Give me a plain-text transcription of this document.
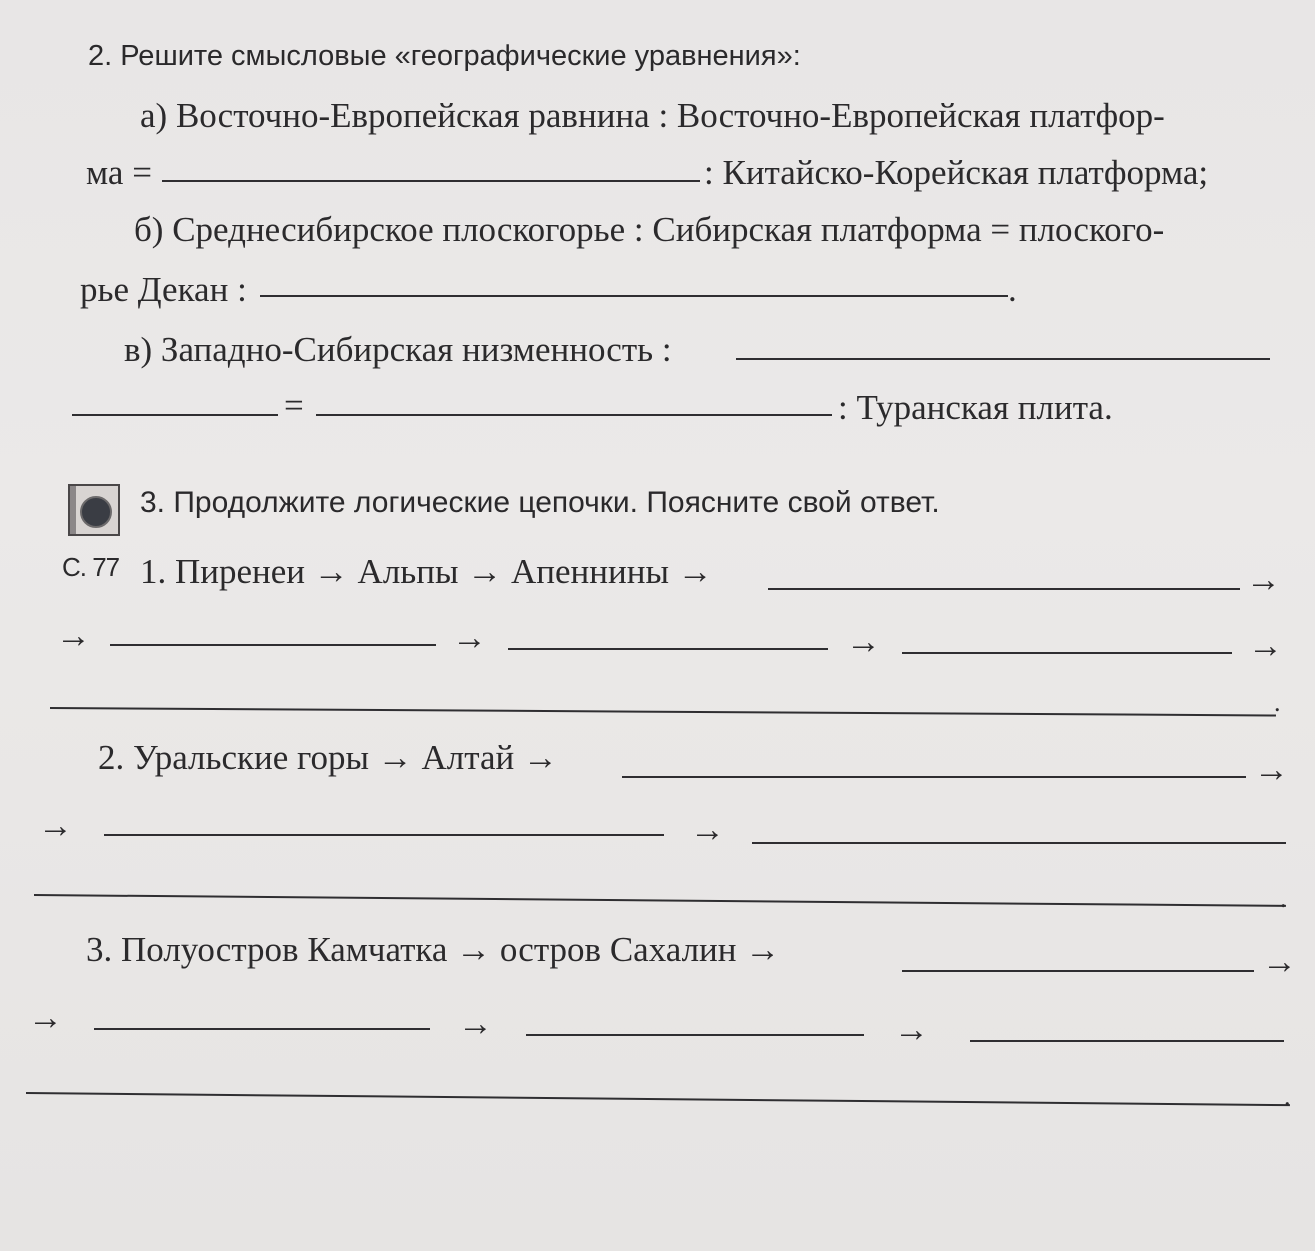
2. Решите смысловые «географические уравнения»:
а) Восточно-Европейская равнина : Восточно-Европейская платфор-
ма =	: Китайско-Корейская платформа;
б) Среднесибирское плоскогорье : Сибирская платформа = плоского-
рье Декан :	.
в) Западно-Сибирская низменность :
=	: Туранская плита.
3. Продолжите логические цепочки. Поясните свой ответ.
С. 77 1. Пиренеи → Альпы → Апеннины →	→
→	→	→	→
.
2. Уральские горы → Алтай →	→
→	→
.
3. Полуостров Камчатка → остров Сахалин →	→
→	→	→
.
